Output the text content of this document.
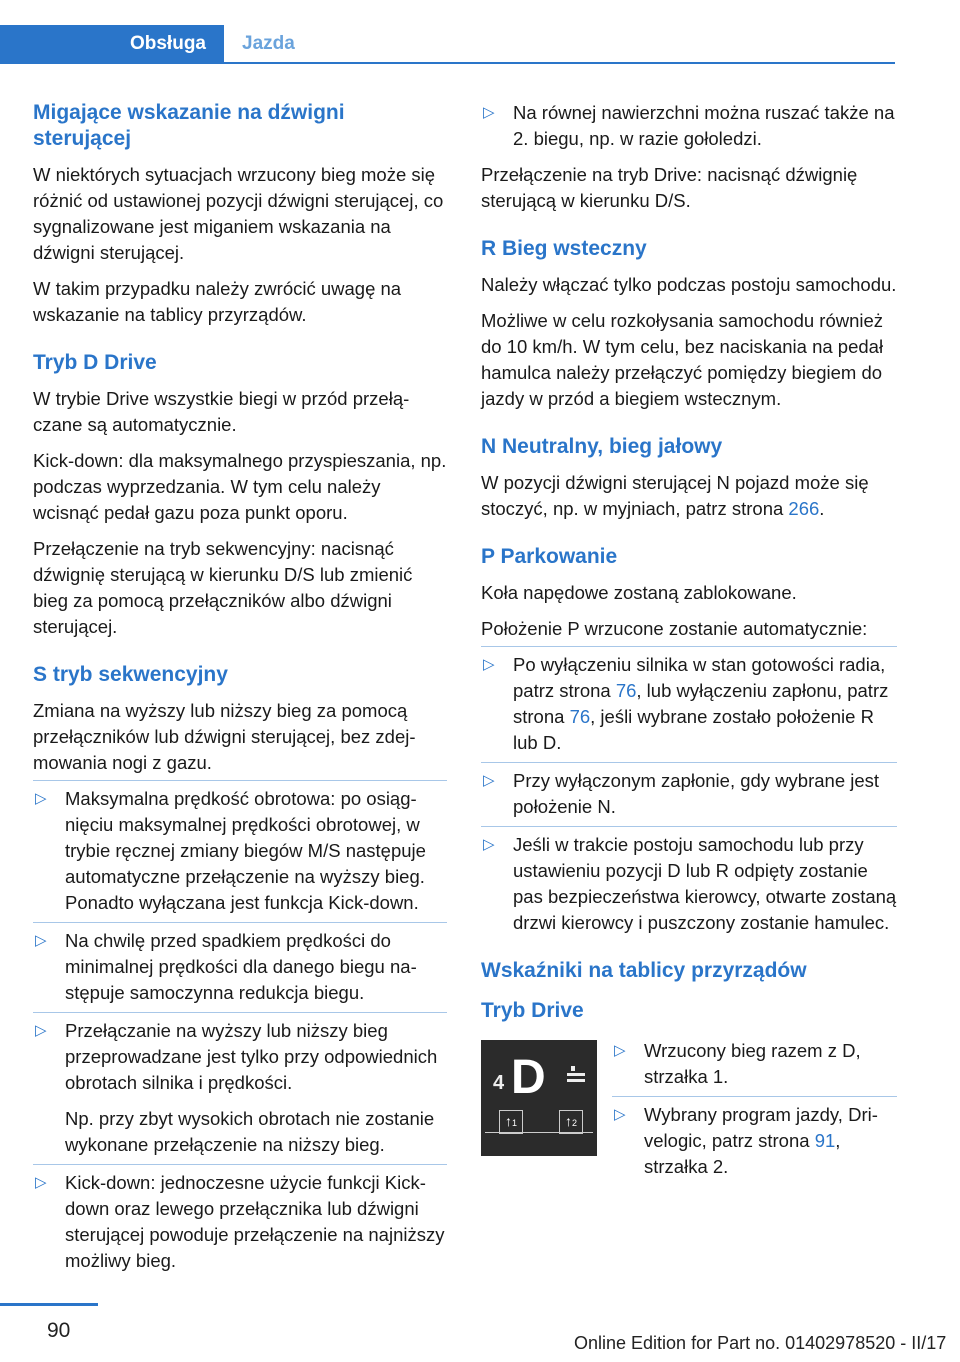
Obsługa	Jazda
Migające wskazanie na dźwigni sterującej

W niektórych sytuacjach wrzucony bieg może się różnić od ustawionej pozycji dźwigni sterującej, co sygnalizowane jest miganiem wskazania na dźwigni sterującej.

W takim przypadku należy zwrócić uwagę na wskazanie na tablicy przyrządów.

Tryb D Drive

W trybie Drive wszystkie biegi w przód przełączane są automatycznie.

Kick-down: dla maksymalnego przyspieszania, np. podczas wyprzedzania. W tym celu należy wcisnąć pedał gazu poza punkt oporu.

Przełączenie na tryb sekwencyjny: nacisnąć dźwignię sterującą w kierunku D/S lub zmienić bieg za pomocą przełączników albo dźwigni sterującej.

S tryb sekwencyjny

Zmiana na wyższy lub niższy bieg za pomocą przełączników lub dźwigni sterującej, bez zdejmowania nogi z gazu.

▷ Maksymalna prędkość obrotowa: po osiągnięciu maksymalnej prędkości obrotowej, w trybie ręcznej zmiany biegów M/S następuje automatyczne przełączenie na wyższy bieg. Ponadto wyłączana jest funkcja Kick-down.

▷ Na chwilę przed spadkiem prędkości do minimalnej prędkości dla danego biegu następuje samoczynna redukcja biegu.

▷ Przełączanie na wyższy lub niższy bieg przeprowadzane jest tylko przy odpowiednich obrotach silnika i prędkości.

Np. przy zbyt wysokich obrotach nie zostanie wykonane przełączenie na niższy bieg.

▷ Kick-down: jednoczesne użycie funkcji Kick-down oraz lewego przełącznika lub dźwigni sterującej powoduje przełączenie na najniższy możliwy bieg.

▷ Na równej nawierzchni można ruszać także na 2. biegu, np. w razie gołoledzi.

Przełączenie na tryb Drive: nacisnąć dźwignię sterującą w kierunku D/S.

R Bieg wsteczny

Należy włączać tylko podczas postoju samochodu.

Możliwe w celu rozkołysania samochodu również do 10 km/h. W tym celu, bez naciskania na pedał hamulca należy przełączyć pomiędzy biegiem do jazdy w przód a biegiem wstecznym.

N Neutralny, bieg jałowy

W pozycji dźwigni sterującej N pojazd może się stoczyć, np. w myjniach, patrz strona 266.

P Parkowanie

Koła napędowe zostaną zablokowane.

Położenie P wrzucone zostanie automatycznie:

▷ Po wyłączeniu silnika w stan gotowości radia, patrz strona 76, lub wyłączeniu zapłonu, patrz strona 76, jeśli wybrane zostało położenie R lub D.

▷ Przy wyłączonym zapłonie, gdy wybrane jest położenie N.

▷ Jeśli w trakcie postoju samochodu lub przy ustawieniu pozycji D lub R odpięty zostanie pas bezpieczeństwa kierowcy, otwarte zostaną drzwi kierowcy i puszczony zostanie hamulec.

Wskaźniki na tablicy przyrządów
Tryb Drive
4 D
↑1	↑2
▷ Wrzucony bieg razem z D, strzałka 1.

▷ Wybrany program jazdy, Drivelogic, patrz strona 91, strzałka 2.

90
Online Edition for Part no. 01402978520 - II/17
